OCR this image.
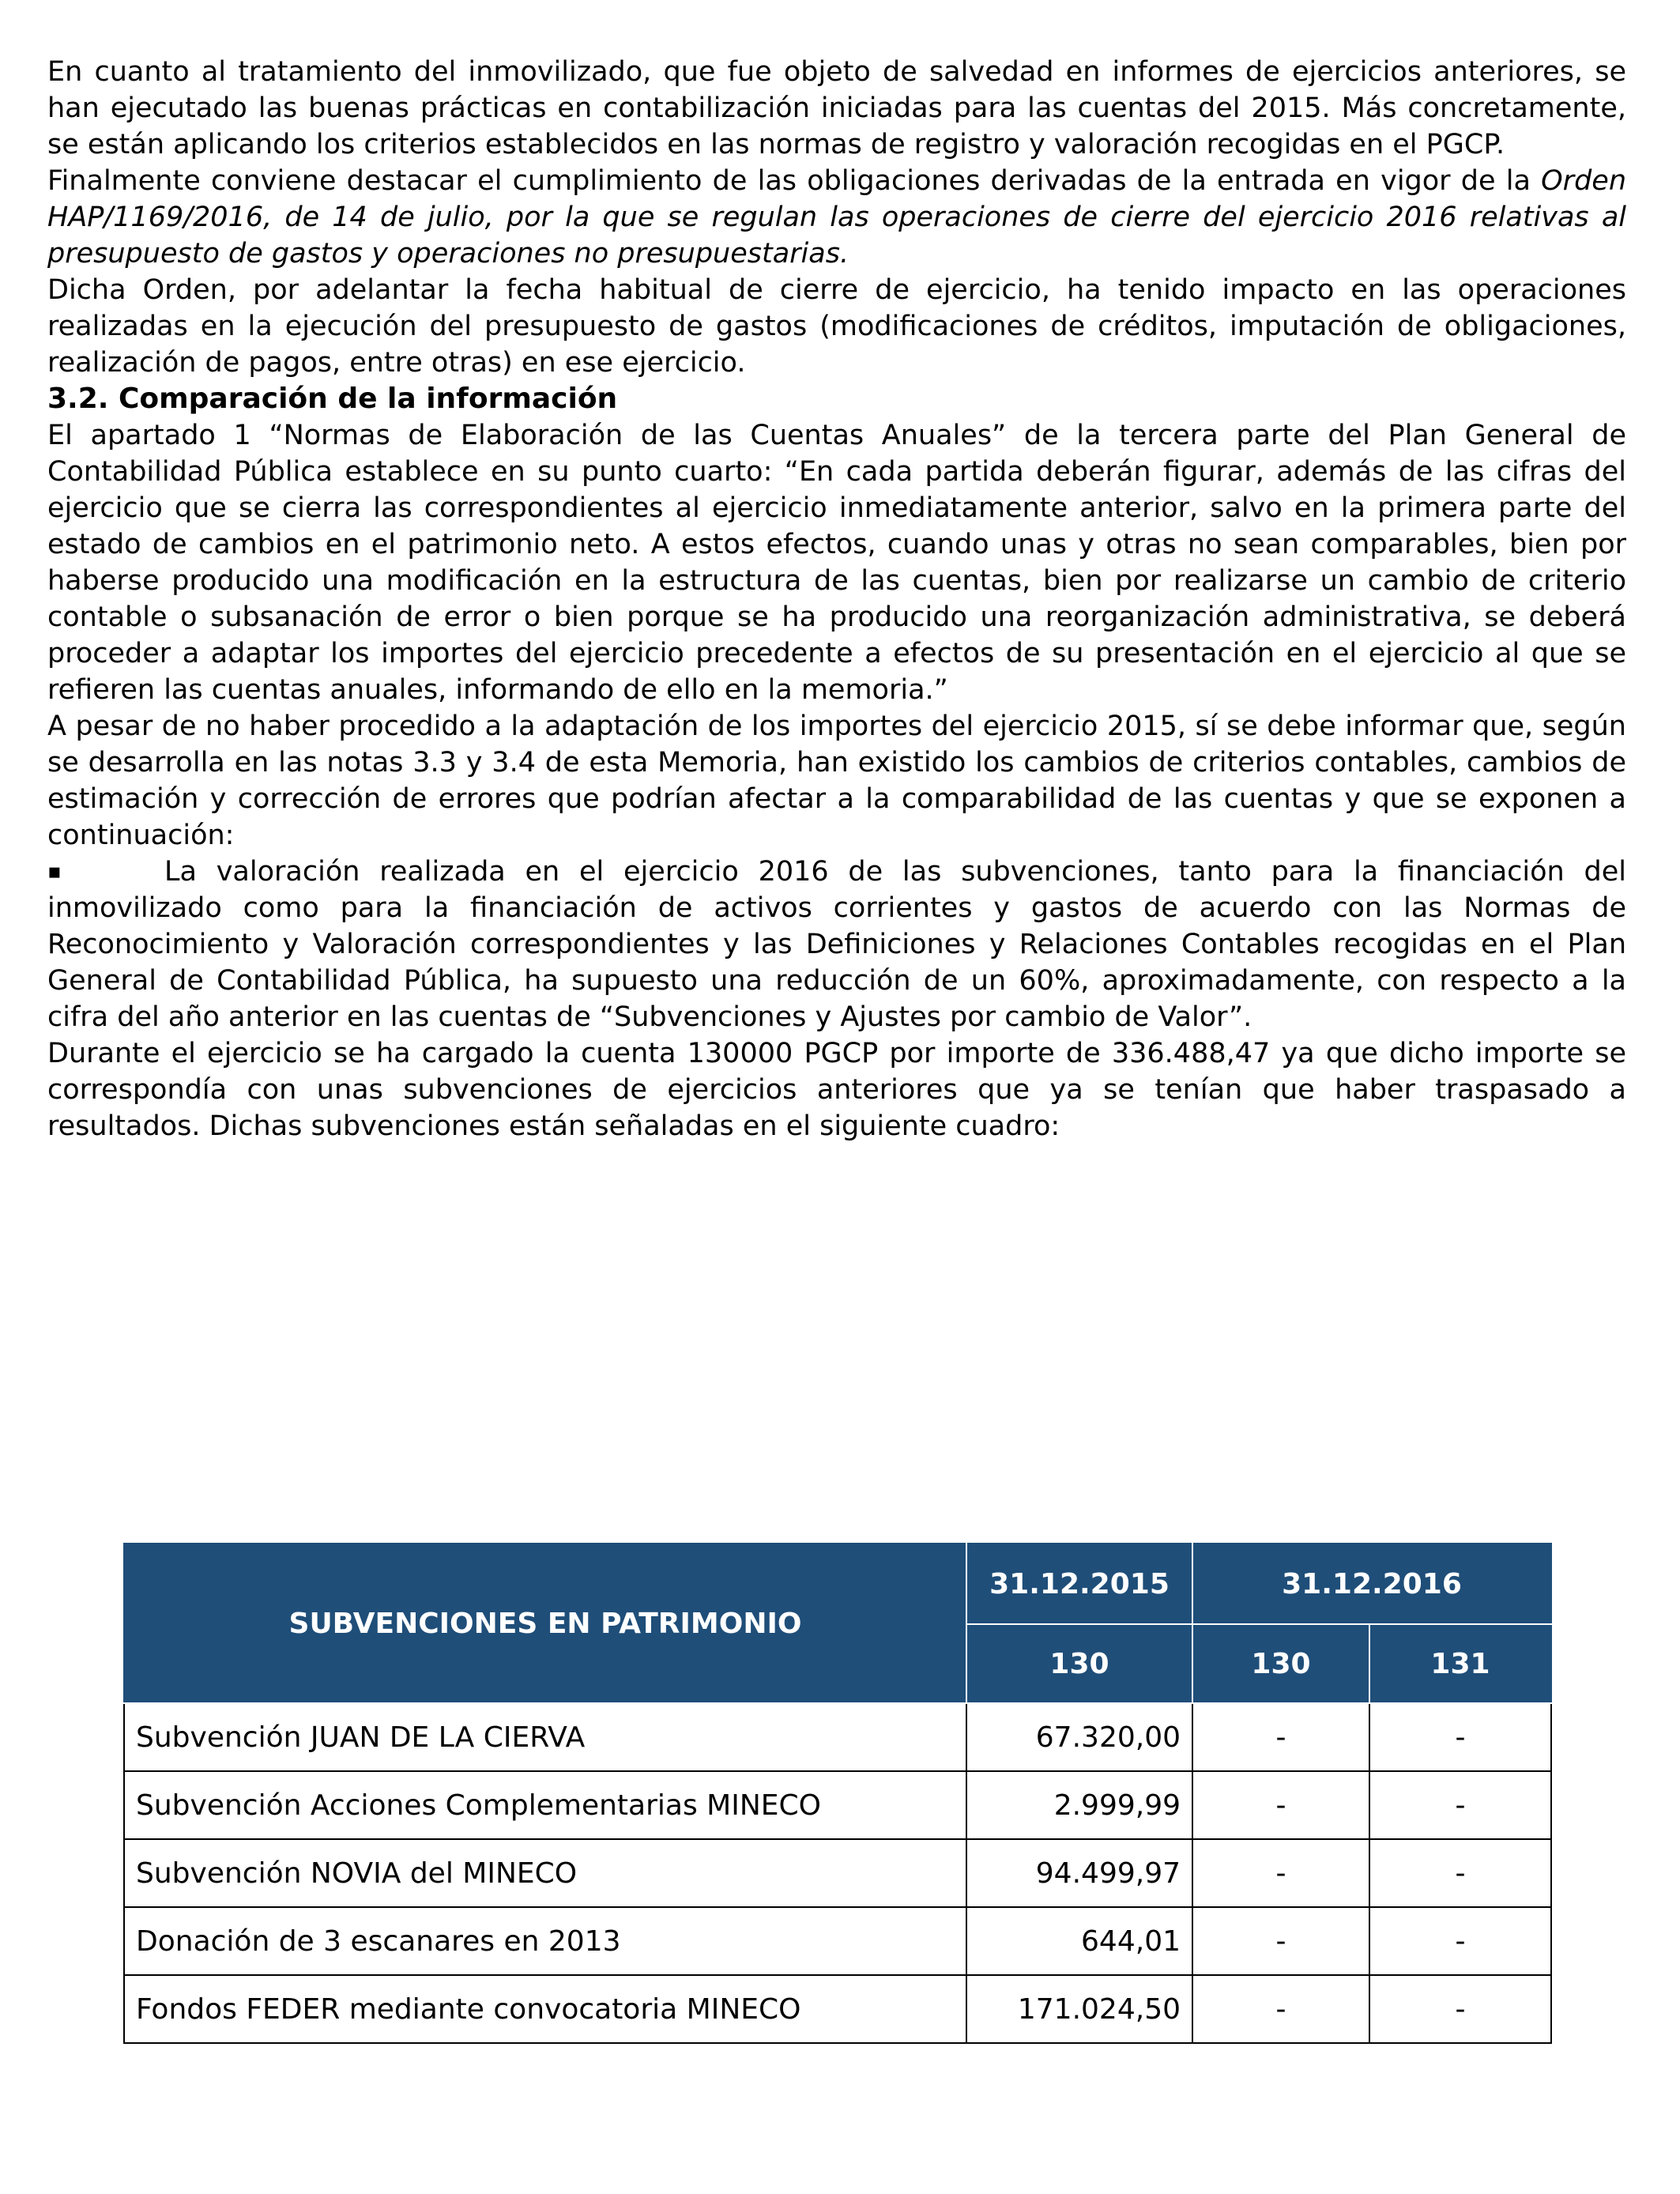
En cuanto al tratamiento del inmovilizado, que fue objeto de salvedad en informes de ejercicios anteriores, se han ejecutado las buenas prácticas en contabilización iniciadas para las cuentas del 2015. Más concretamente, se están aplicando los criterios establecidos en las normas de registro y valoración recogidas en el PGCP.

Finalmente conviene destacar el cumplimiento de las obligaciones derivadas de la entrada en vigor de la Orden HAP/1169/2016, de 14 de julio, por la que se regulan las operaciones de cierre del ejercicio 2016 relativas al presupuesto de gastos y operaciones no presupuestarias.

Dicha Orden, por adelantar la fecha habitual de cierre de ejercicio, ha tenido impacto en las operaciones realizadas en la ejecución del presupuesto de gastos (modificaciones de créditos, imputación de obligaciones, realización de pagos, entre otras) en ese ejercicio.

3.2. Comparación de la información

El apartado 1 “Normas de Elaboración de las Cuentas Anuales” de la tercera parte del Plan General de Contabilidad Pública establece en su punto cuarto: “En cada partida deberán figurar, además de las cifras del ejercicio que se cierra las correspondientes al ejercicio inmediatamente anterior, salvo en la primera parte del estado de cambios en el patrimonio neto. A estos efectos, cuando unas y otras no sean comparables, bien por haberse producido una modificación en la estructura de las cuentas, bien por realizarse un cambio de criterio contable o subsanación de error o bien porque se ha producido una reorganización administrativa, se deberá proceder a adaptar los importes del ejercicio precedente a efectos de su presentación en el ejercicio al que se refieren las cuentas anuales, informando de ello en la memoria.”

A pesar de no haber procedido a la adaptación de los importes del ejercicio 2015, sí se debe informar que, según se desarrolla en las notas 3.3 y 3.4 de esta Memoria, han existido los cambios de criterios contables, cambios de estimación y corrección de errores que podrían afectar a la comparabilidad de las cuentas y que se exponen a continuación:

▪	La valoración realizada en el ejercicio 2016 de las subvenciones, tanto para la financiación del inmovilizado como para la financiación de activos corrientes y gastos de acuerdo con las Normas de Reconocimiento y Valoración correspondientes y las Definiciones y Relaciones Contables recogidas en el Plan General de Contabilidad Pública, ha supuesto una reducción de un 60%, aproximadamente, con respecto a la cifra del año anterior en las cuentas de “Subvenciones y Ajustes por cambio de Valor”.

Durante el ejercicio se ha cargado la cuenta 130000 PGCP por importe de 336.488,47 ya que dicho importe se correspondía con unas subvenciones de ejercicios anteriores que ya se tenían que haber traspasado a resultados. Dichas subvenciones están señaladas en el siguiente cuadro:

SUBVENCIONES EN PATRIMONIO	31.12.2015	31.12.2016	
	130	130	131
Subvención JUAN DE LA CIERVA	67.320,00	-	-
Subvención Acciones Complementarias MINECO	2.999,99	-	-
Subvención NOVIA del MINECO	94.499,97	-	-
Donación de 3 escanares en 2013	644,01	-	-
Fondos FEDER mediante convocatoria MINECO	171.024,50	-	-
